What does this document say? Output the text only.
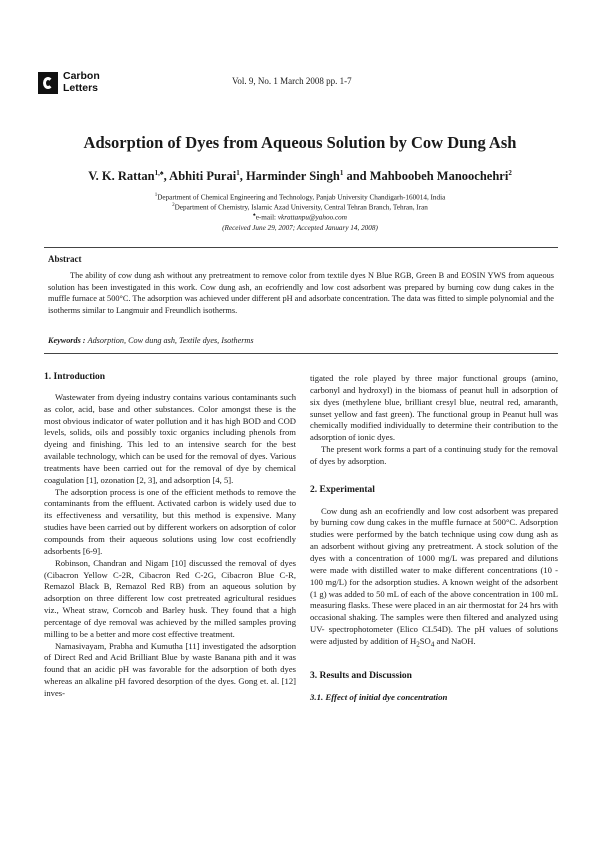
Carbon
Letters
Vol. 9, No. 1 March 2008 pp. 1-7
Adsorption of Dyes from Aqueous Solution by Cow Dung Ash
V. K. Rattan$^{1,♠}$, Abhiti Purai$^1$, Harminder Singh$^1$ and Mahboobeh Manoochehri$^2$
$^1$Department of Chemical Engineering and Technology, Panjab University Chandigarh-160014, India
$^2$Department of Chemistry, Islamic Azad University, Central Tehran Branch, Tehran, Iran
♠e-mail: vkrattanpu@yahoo.com
(Received June 29, 2007; Accepted January 14, 2008)
Abstract
The ability of cow dung ash without any pretreatment to remove color from textile dyes N Blue RGB, Green B and EOSIN YWS from aqueous solution has been investigated in this work. Cow dung ash, an ecofriendly and low cost adsorbent was prepared by burning cow dung cakes in the muffle furnace at 500°C. The adsorption was achieved under different pH and adsorbate concentration. The data was fitted to simple polynomial and the isotherms similar to Langmuir and Freundlich isotherms.
Keywords : Adsorption, Cow dung ash, Textile dyes, Isotherms
1. Introduction

Wastewater from dyeing industry contains various contaminants such as color, acid, base and other substances. Color amongst these is the most obvious indicator of water pollution and it has high BOD and COD levels, solids, oils and possibly toxic organics including phenols from dyeing and finishing. This led to an intensive search for the best available technology, which can be used for the removal of dyes. Various treatments have been carried out for the removal of dye by chemical coagulation [1], ozonation [2, 3], and adsorption [4, 5].

The adsorption process is one of the efficient methods to remove the contaminants from the effluent. Activated carbon is widely used due to its effectiveness and versatility, but this method is expensive. Many studies have been carried out by different workers on adsorption of color compounds from their aqueous solutions using low cost ecofriendly adsorbents [6-9].

Robinson, Chandran and Nigam [10] discussed the removal of dyes (Cibacron Yellow C-2R, Cibacron Red C-2G, Cibacron Blue C-R, Remazol Black B, Remazol Red RB) from an aqueous solution by adsorption on three different low cost pretreated agricultural residues viz., Wheat straw, Corncob and Barley husk. They found that a high percentage of dye removal was achieved by the milled samples proving milling to be a better and more cost effective treatment.

Namasivayam, Prabha and Kumutha [11] investigated the adsorption of Direct Red and Acid Brilliant Blue by waste Banana pith and it was found that an acidic pH was favorable for the adsorption of both dyes whereas an alkaline pH favored desorption of the dyes. Gong et. al. [12] inves-

tigated the role played by three major functional groups (amino, carbonyl and hydroxyl) in the biomass of peanut hull in adsorption of six dyes (methylene blue, brilliant cresyl blue, neutral red, amaranth, sunset yellow and fast green). The functional group in Peanut hull was chemically modified individually to determine their contribution to the adsorption of ionic dyes.

The present work forms a part of a continuing study for the removal of dyes by adsorption.

2. Experimental

Cow dung ash an ecofriendly and low cost adsorbent was prepared by burning cow dung cakes in the muffle furnace at 500°C. Adsorption studies were performed by the batch technique using cow dung ash as an adsorbent without giving any pretreatment. A stock solution of the dyes with a concentration of 1000 mg/L was prepared and dilutions were made with distilled water to make different concentrations (10 - 100 mg/L) for the adsorption studies. A known weight of the adsorbent (1 g) was added to 50 mL of each of the above concentration in 100 mL measuring flasks. These were placed in an air thermostat for 24 hrs with occasional shaking. The samples were then filtered and analyzed using UV- spectrophotometer (Elico CL54D). The pH values of solutions were adjusted by addition of $H_2SO_4$ and NaOH.

3. Results and Discussion
3.1. Effect of initial dye concentration
